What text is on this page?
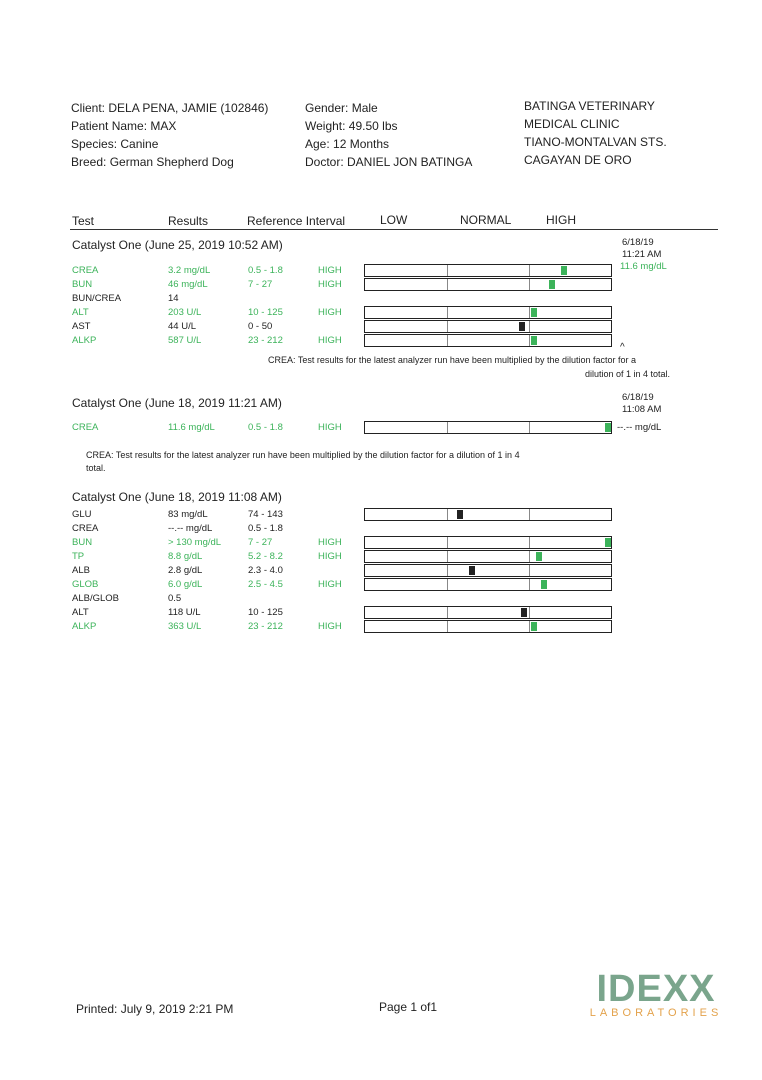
Client: DELA PENA, JAMIE (102846)
Patient Name: MAX
Species: Canine
Breed: German Shepherd Dog
Gender: Male
Weight: 49.50 lbs
Age: 12 Months
Doctor: DANIEL JON BATINGA
BATINGA VETERINARY
MEDICAL CLINIC
TIANO-MONTALVAN STS.
CAGAYAN DE ORO
Test	Results	Reference Interval	LOW	NORMAL	HIGH
Catalyst One (June 25, 2019 10:52 AM)	6/18/19
11:21 AM
11.6 mg/dL
CREA	3.2 mg/dL	0.5 - 1.8	HIGH
BUN	46 mg/dL	7 - 27	HIGH
BUN/CREA	14
ALT	203 U/L	10 - 125	HIGH
AST	44 U/L	0 - 50
ALKP	587 U/L	23 - 212	HIGH
^
CREA: Test results for the latest analyzer run have been multiplied by the dilution factor for a
dilution of 1 in 4 total.
Catalyst One (June 18, 2019 11:21 AM)	6/18/19
11:08 AM
--.-- mg/dL
CREA	11.6 mg/dL	0.5 - 1.8	HIGH
CREA: Test results for the latest analyzer run have been multiplied by the dilution factor for a dilution of 1 in 4
total.
Catalyst One (June 18, 2019 11:08 AM)
GLU	83 mg/dL	74 - 143
CREA	--.-- mg/dL	0.5 - 1.8
BUN	> 130 mg/dL	7 - 27	HIGH
TP	8.8 g/dL	5.2 - 8.2	HIGH
ALB	2.8 g/dL	2.3 - 4.0
GLOB	6.0 g/dL	2.5 - 4.5	HIGH
ALB/GLOB	0.5
ALT	118 U/L	10 - 125
ALKP	363 U/L	23 - 212	HIGH
Printed: July 9, 2019 2:21 PM	Page 1 of1	IDEXX
LABORATORIES
